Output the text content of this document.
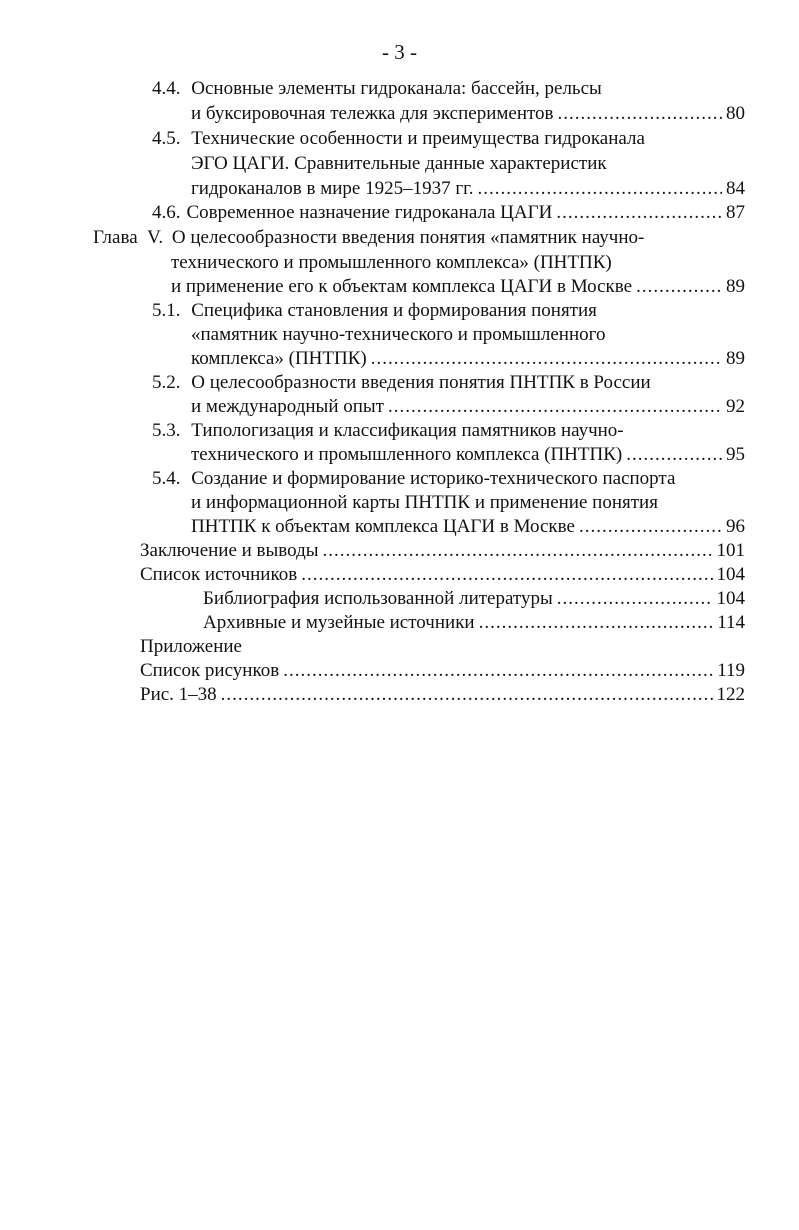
- 3 -
4.4. Основные элементы гидроканала: бассейн, рельсы
и буксировочная тележка для экспериментов .....	80
4.5. Технические особенности и преимущества гидроканала
ЭГО ЦАГИ. Сравнительные данные характеристик
гидроканалов в мире 1925–1937 гг. .....	84
4.6. Современное назначение гидроканала ЦАГИ .....	87
Глава  V. О целесообразности введения понятия «памятник научно-
технического и промышленного комплекса» (ПНТПК)
и применение его к объектам комплекса ЦАГИ в Москве .....	89
5.1. Специфика становления и формирования понятия
«памятник научно-технического и промышленного
комплекса» (ПНТПК) .....	89
5.2. О целесообразности введения понятия ПНТПК в России
и международный опыт .....	92
5.3. Типологизация и классификация памятников научно-
технического и промышленного комплекса (ПНТПК) .....	95
5.4. Создание и формирование историко-технического паспорта
и информационной карты ПНТПК и применение понятия
ПНТПК к объектам комплекса ЦАГИ в Москве .....	96
Заключение и выводы .....	101
Список источников .....	104
Библиография использованной литературы .....	104
Архивные и музейные источники .....	114
Приложение
Список рисунков .....	119
Рис. 1–38 .....	122
